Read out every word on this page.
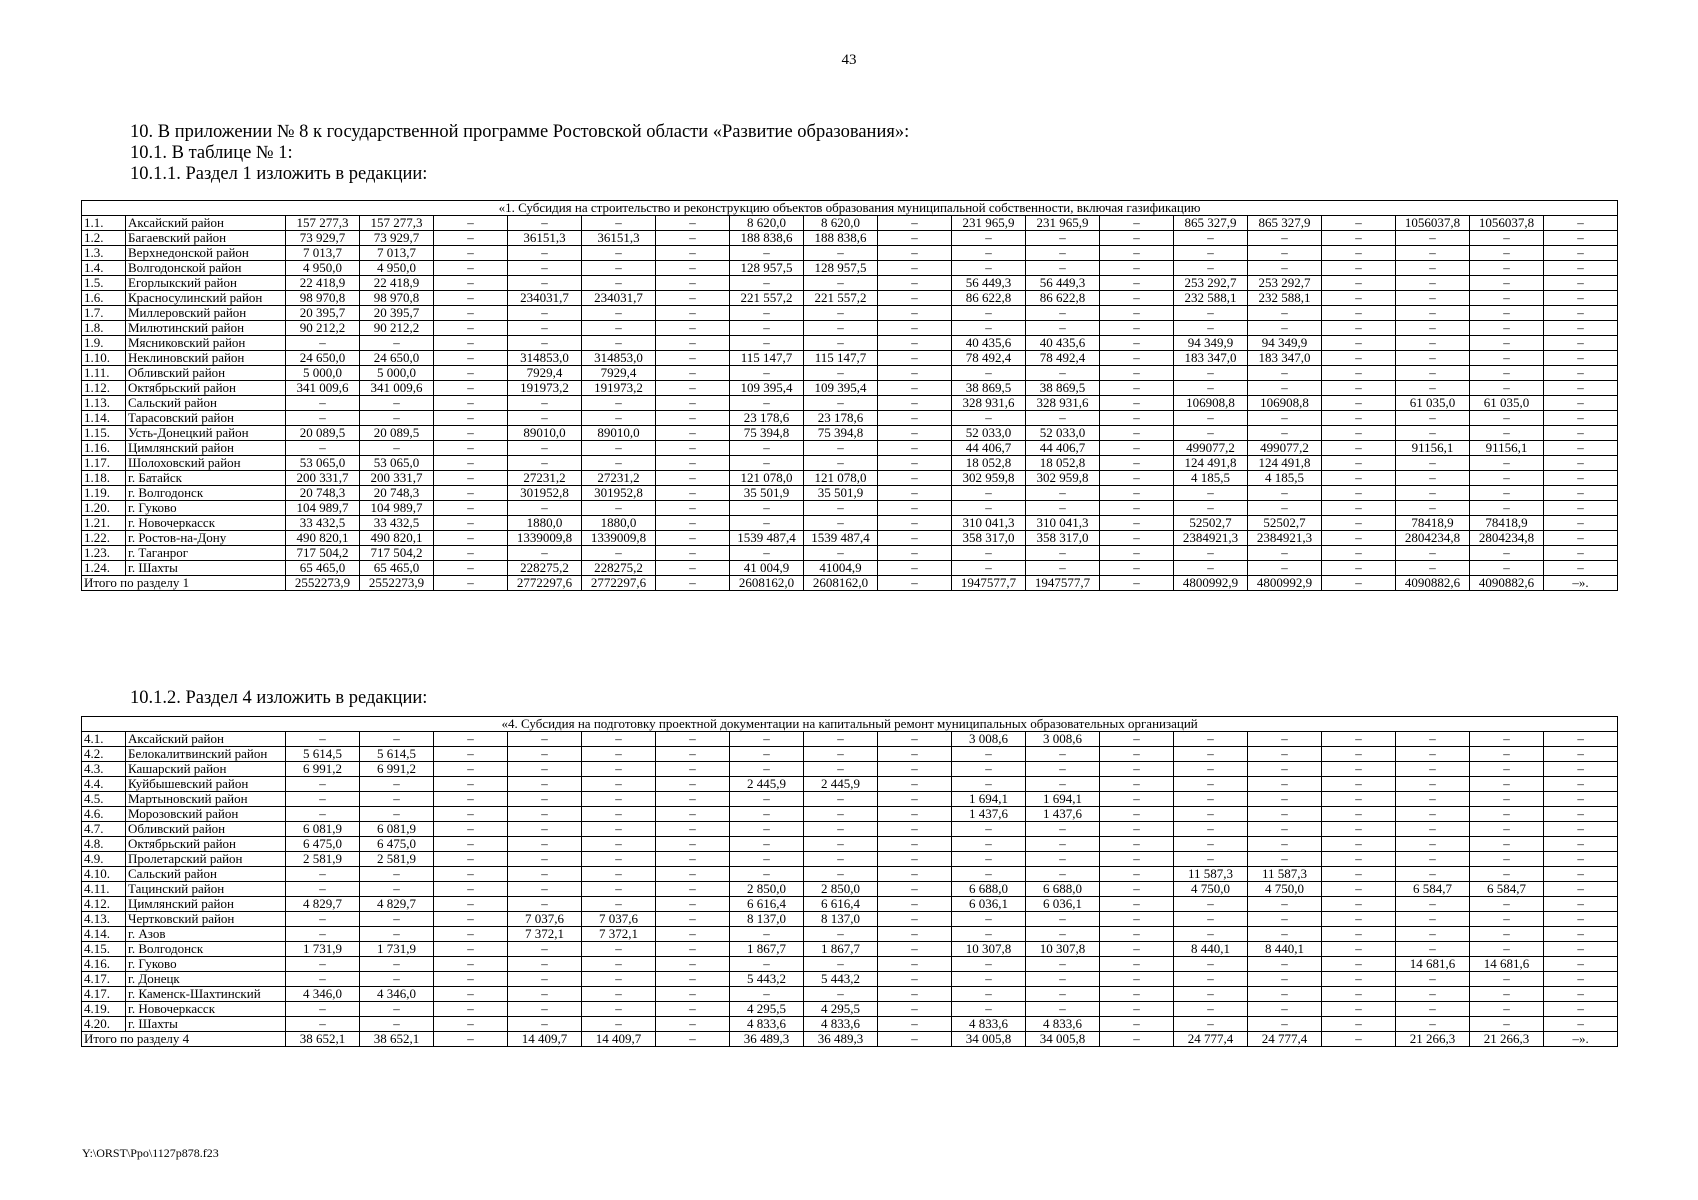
43
10. В приложении № 8 к государственной программе Ростовской области «Развитие образования»:
10.1. В таблице № 1:
10.1.1. Раздел 1 изложить в редакции:
«1. Субсидия на строительство и реконструкцию объектов образования муниципальной собственности, включая газификацию																			
1.1.	Аксайский район	157 277,3	157 277,3	–	–	–	–	8 620,0	8 620,0	–	231 965,9	231 965,9	–	865 327,9	865 327,9	–	1056037,8	1056037,8	–
1.2.	Багаевский район	73 929,7	73 929,7	–	36151,3	36151,3	–	188 838,6	188 838,6	–	–	–	–	–	–	–	–	–	–
1.3.	Верхнедонской район	7 013,7	7 013,7	–	–	–	–	–	–	–	–	–	–	–	–	–	–	–	–
1.4.	Волгодонской район	4 950,0	4 950,0	–	–	–	–	128 957,5	128 957,5	–	–	–	–	–	–	–	–	–	–
1.5.	Егорлыкский район	22 418,9	22 418,9	–	–	–	–	–	–	–	56 449,3	56 449,3	–	253 292,7	253 292,7	–	–	–	–
1.6.	Красносулинский район	98 970,8	98 970,8	–	234031,7	234031,7	–	221 557,2	221 557,2	–	86 622,8	86 622,8	–	232 588,1	232 588,1	–	–	–	–
1.7.	Миллеровский район	20 395,7	20 395,7	–	–	–	–	–	–	–	–	–	–	–	–	–	–	–	–
1.8.	Милютинский район	90 212,2	90 212,2	–	–	–	–	–	–	–	–	–	–	–	–	–	–	–	–
1.9.	Мясниковский район	–	–	–	–	–	–	–	–	–	40 435,6	40 435,6	–	94 349,9	94 349,9	–	–	–	–
1.10.	Неклиновский район	24 650,0	24 650,0	–	314853,0	314853,0	–	115 147,7	115 147,7	–	78 492,4	78 492,4	–	183 347,0	183 347,0	–	–	–	–
1.11.	Обливский район	5 000,0	5 000,0	–	7929,4	7929,4	–	–	–	–	–	–	–	–	–	–	–	–	–
1.12.	Октябрьский район	341 009,6	341 009,6	–	191973,2	191973,2	–	109 395,4	109 395,4	–	38 869,5	38 869,5	–	–	–	–	–	–	–
1.13.	Сальский район	–	–	–	–	–	–	–	–	–	328 931,6	328 931,6	–	106908,8	106908,8	–	61 035,0	61 035,0	–
1.14.	Тарасовский район	–	–	–	–	–	–	23 178,6	23 178,6	–	–	–	–	–	–	–	–	–	–
1.15.	Усть-Донецкий район	20 089,5	20 089,5	–	89010,0	89010,0	–	75 394,8	75 394,8	–	52 033,0	52 033,0	–	–	–	–	–	–	–
1.16.	Цимлянский район	–	–	–	–	–	–	–	–	–	44 406,7	44 406,7	–	499077,2	499077,2	–	91156,1	91156,1	–
1.17.	Шолоховский район	53 065,0	53 065,0	–	–	–	–	–	–	–	18 052,8	18 052,8	–	124 491,8	124 491,8	–	–	–	–
1.18.	г. Батайск	200 331,7	200 331,7	–	27231,2	27231,2	–	121 078,0	121 078,0	–	302 959,8	302 959,8	–	4 185,5	4 185,5	–	–	–	–
1.19.	г. Волгодонск	20 748,3	20 748,3	–	301952,8	301952,8	–	35 501,9	35 501,9	–	–	–	–	–	–	–	–	–	–
1.20.	г. Гуково	104 989,7	104 989,7	–	–	–	–	–	–	–	–	–	–	–	–	–	–	–	–
1.21.	г. Новочеркасск	33 432,5	33 432,5	–	1880,0	1880,0	–	–	–	–	310 041,3	310 041,3	–	52502,7	52502,7	–	78418,9	78418,9	–
1.22.	г. Ростов-на-Дону	490 820,1	490 820,1	–	1339009,8	1339009,8	–	1539 487,4	1539 487,4	–	358 317,0	358 317,0	–	2384921,3	2384921,3	–	2804234,8	2804234,8	–
1.23.	г. Таганрог	717 504,2	717 504,2	–	–	–	–	–	–	–	–	–	–	–	–	–	–	–	–
1.24.	г. Шахты	65 465,0	65 465,0	–	228275,2	228275,2	–	41 004,9	41004,9	–	–	–	–	–	–	–	–	–	–
Итого по разделу 1		2552273,9	2552273,9	–	2772297,6	2772297,6	–	2608162,0	2608162,0	–	1947577,7	1947577,7	–	4800992,9	4800992,9	–	4090882,6	4090882,6	–».
10.1.2. Раздел 4 изложить в редакции:
«4. Субсидия на подготовку проектной документации на капитальный ремонт муниципальных образовательных организаций																			
4.1.	Аксайский район	–	–	–	–	–	–	–	–	–	3 008,6	3 008,6	–	–	–	–	–	–	–
4.2.	Белокалитвинский район	5 614,5	5 614,5	–	–	–	–	–	–	–	–	–	–	–	–	–	–	–	–
4.3.	Кашарский район	6 991,2	6 991,2	–	–	–	–	–	–	–	–	–	–	–	–	–	–	–	–
4.4.	Куйбышевский район	–	–	–	–	–	–	2 445,9	2 445,9	–	–	–	–	–	–	–	–	–	–
4.5.	Мартыновский район	–	–	–	–	–	–	–	–	–	1 694,1	1 694,1	–	–	–	–	–	–	–
4.6.	Морозовский район	–	–	–	–	–	–	–	–	–	1 437,6	1 437,6	–	–	–	–	–	–	–
4.7.	Обливский район	6 081,9	6 081,9	–	–	–	–	–	–	–	–	–	–	–	–	–	–	–	–
4.8.	Октябрьский район	6 475,0	6 475,0	–	–	–	–	–	–	–	–	–	–	–	–	–	–	–	–
4.9.	Пролетарский район	2 581,9	2 581,9	–	–	–	–	–	–	–	–	–	–	–	–	–	–	–	–
4.10.	Сальский район	–	–	–	–	–	–	–	–	–	–	–	–	11 587,3	11 587,3	–	–	–	–
4.11.	Тацинский район	–	–	–	–	–	–	2 850,0	2 850,0	–	6 688,0	6 688,0	–	4 750,0	4 750,0	–	6 584,7	6 584,7	–
4.12.	Цимлянский район	4 829,7	4 829,7	–	–	–	–	6 616,4	6 616,4	–	6 036,1	6 036,1	–	–	–	–	–	–	–
4.13.	Чертковский район	–	–	–	7 037,6	7 037,6	–	8 137,0	8 137,0	–	–	–	–	–	–	–	–	–	–
4.14.	г. Азов	–	–	–	7 372,1	7 372,1	–	–	–	–	–	–	–	–	–	–	–	–	–
4.15.	г. Волгодонск	1 731,9	1 731,9	–	–	–	–	1 867,7	1 867,7	–	10 307,8	10 307,8	–	8 440,1	8 440,1	–	–	–	–
4.16.	г. Гуково	–	–	–	–	–	–	–	–	–	–	–	–	–	–	–	14 681,6	14 681,6	–
4.17.	г. Донецк	–	–	–	–	–	–	5 443,2	5 443,2	–	–	–	–	–	–	–	–	–	–
4.17.	г. Каменск-Шахтинский	4 346,0	4 346,0	–	–	–	–	–	–	–	–	–	–	–	–	–	–	–	–
4.19.	г. Новочеркасск	–	–	–	–	–	–	4 295,5	4 295,5	–	–	–	–	–	–	–	–	–	–
4.20.	г. Шахты	–	–	–	–	–	–	4 833,6	4 833,6	–	4 833,6	4 833,6	–	–	–	–	–	–	–
Итого по разделу 4		38 652,1	38 652,1	–	14 409,7	14 409,7	–	36 489,3	36 489,3	–	34 005,8	34 005,8	–	24 777,4	24 777,4	–	21 266,3	21 266,3	–».
Y:\ORST\Ppo\1127p878.f23
